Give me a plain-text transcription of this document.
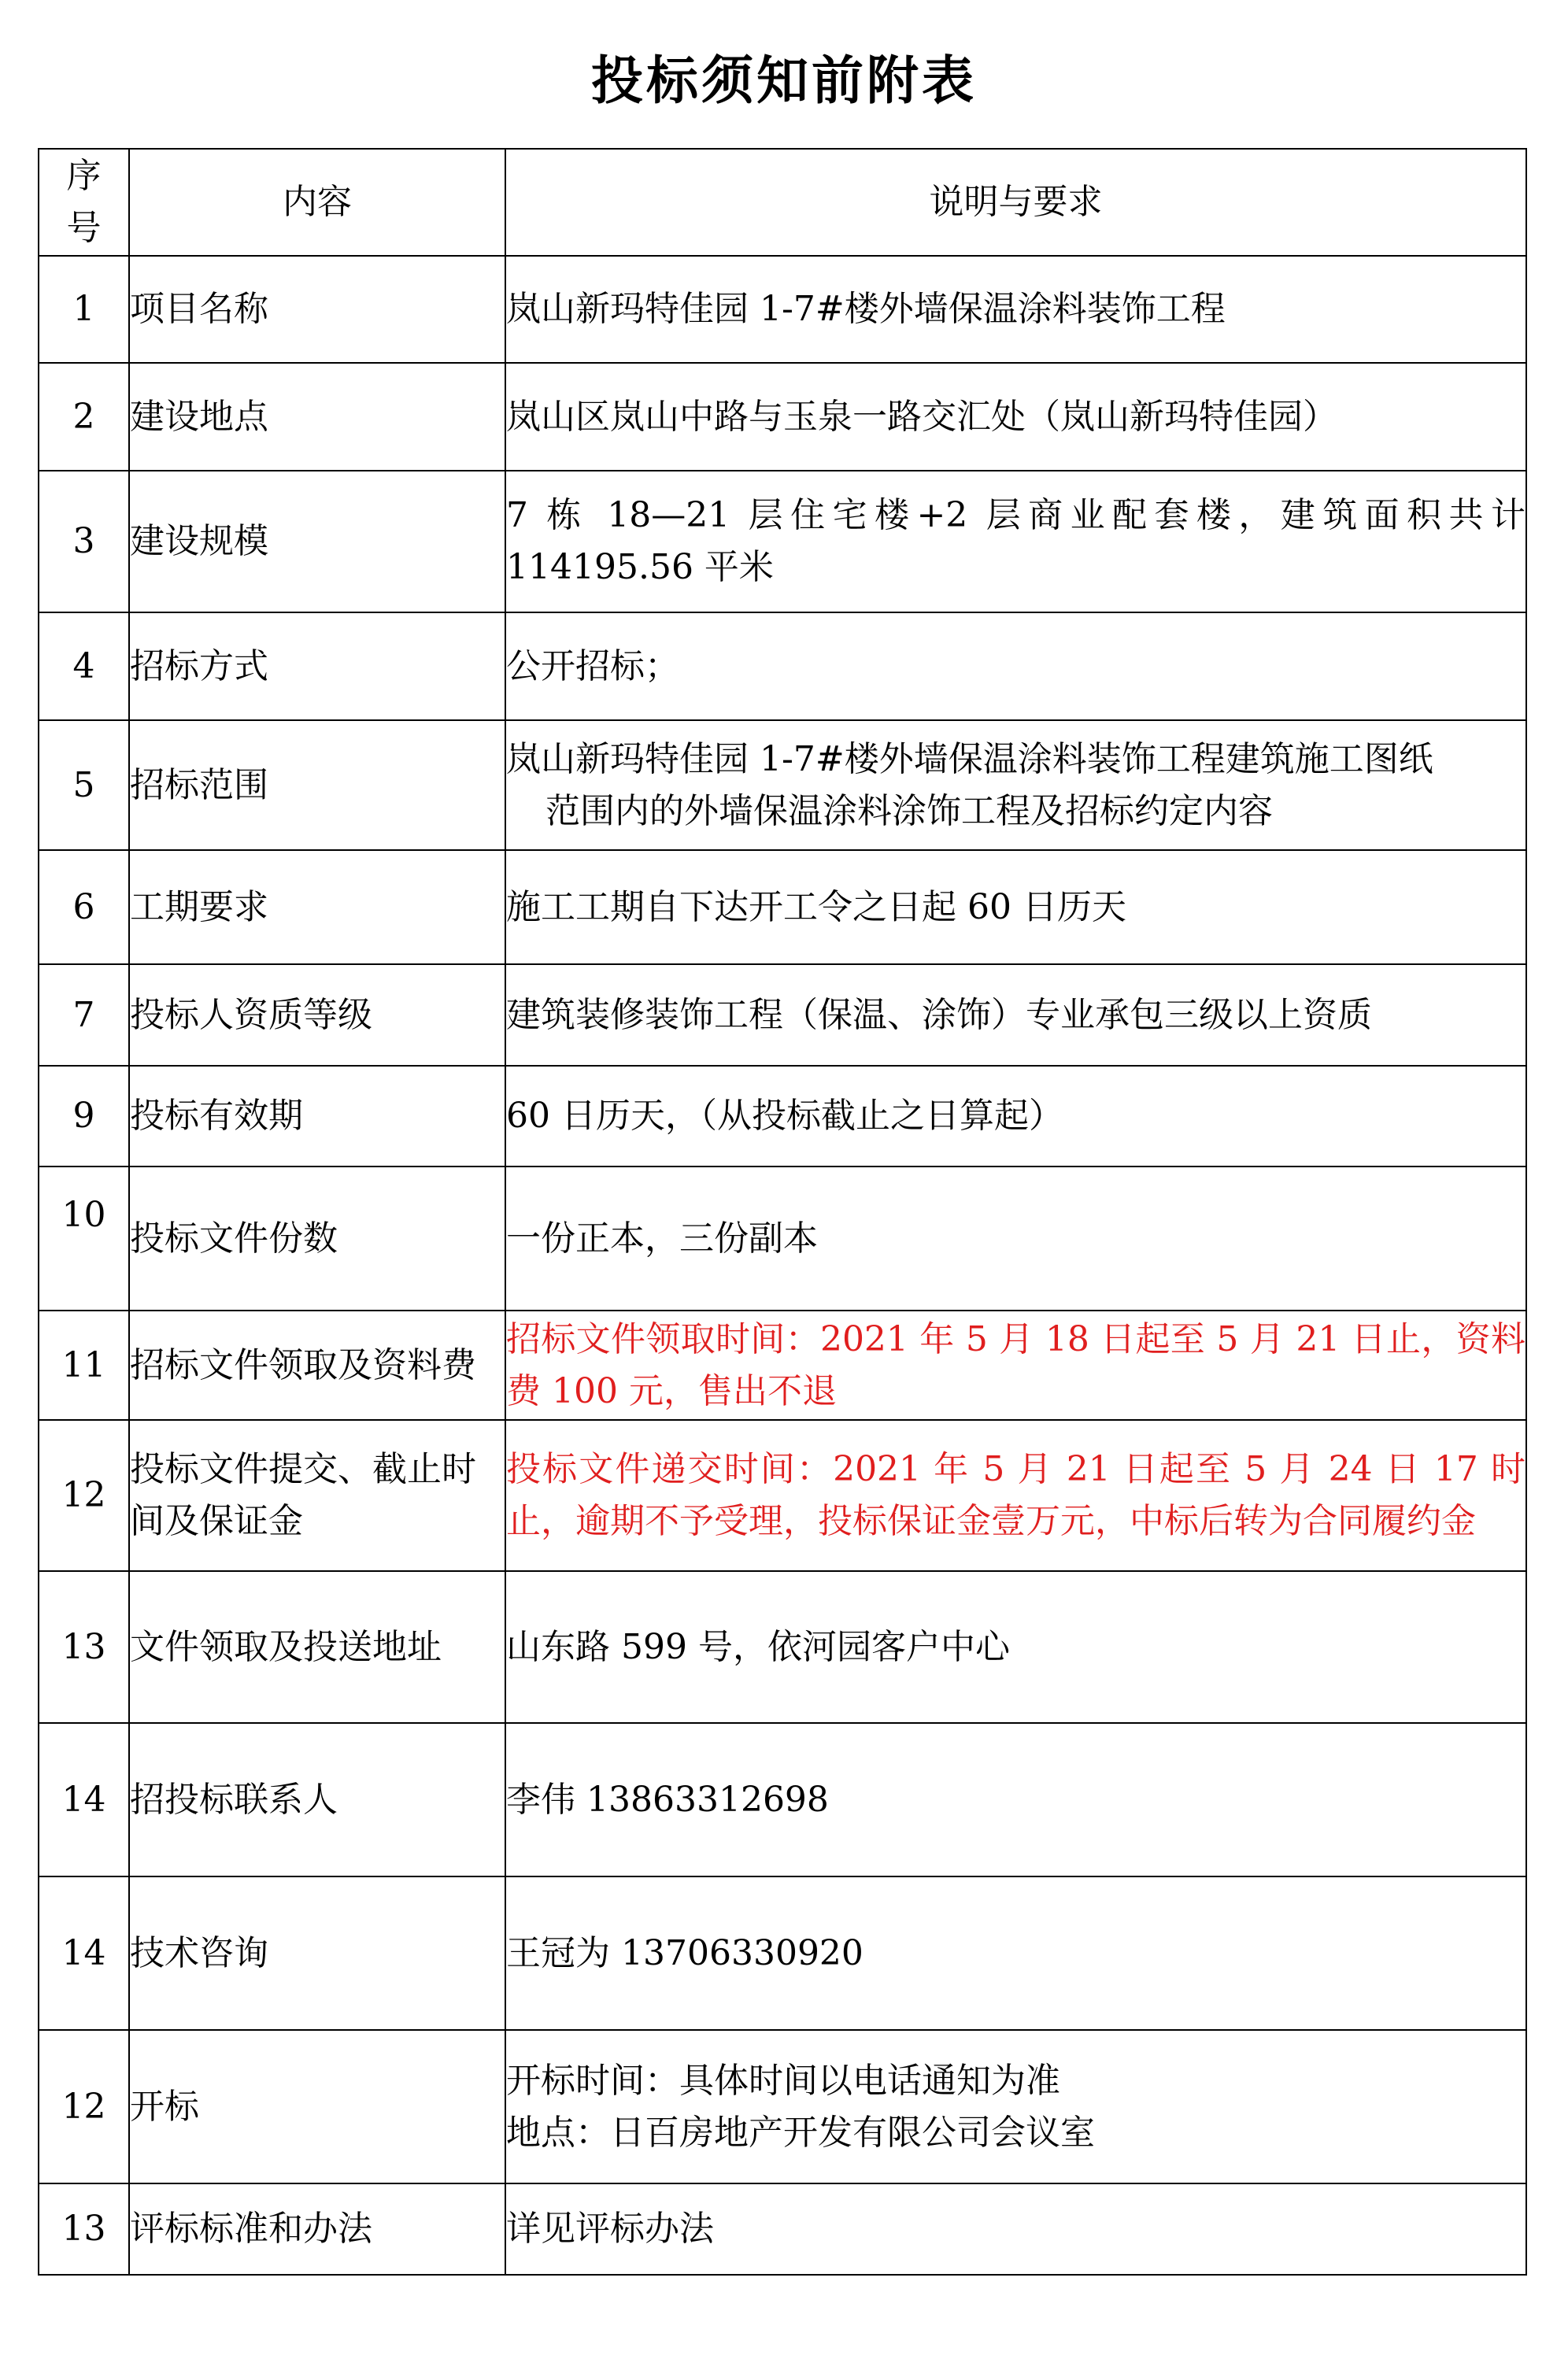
投标须知前附表
序
号	内容	说明与要求
1	项目名称	岚山新玛特佳园 1-7#楼外墙保温涂料装饰工程
2	建设地点	岚山区岚山中路与玉泉一路交汇处（岚山新玛特佳园）
3	建设规模	7 栋 18—21 层住宅楼+2 层商业配套楼，建筑面积共计 114195.56 平米
4	招标方式	公开招标；
5	招标范围	岚山新玛特佳园 1-7#楼外墙保温涂料装饰工程建筑施工图纸
范围内的外墙保温涂料涂饰工程及招标约定内容

6	工期要求	施工工期自下达开工令之日起 60 日历天
7	投标人资质等级	建筑装修装饰工程（保温、涂饰）专业承包三级以上资质
9	投标有效期	60 日历天，（从投标截止之日算起）
10	投标文件份数	一份正本，三份副本
11	招标文件领取及资料费	招标文件领取时间：2021 年 5 月 18 日起至 5 月 21 日止，资料费 100 元，售出不退
12	投标文件提交、截止时间及保证金	投标文件递交时间：2021 年 5 月 21 日起至 5 月 24 日 17 时止，逾期不予受理，投标保证金壹万元，中标后转为合同履约金
13	文件领取及投送地址	山东路 599 号，依河园客户中心
14	招投标联系人	李伟 13863312698
14	技术咨询	王冠为 13706330920
12	开标	开标时间：具体时间以电话通知为准
地点：日百房地产开发有限公司会议室

13	评标标准和办法	详见评标办法
